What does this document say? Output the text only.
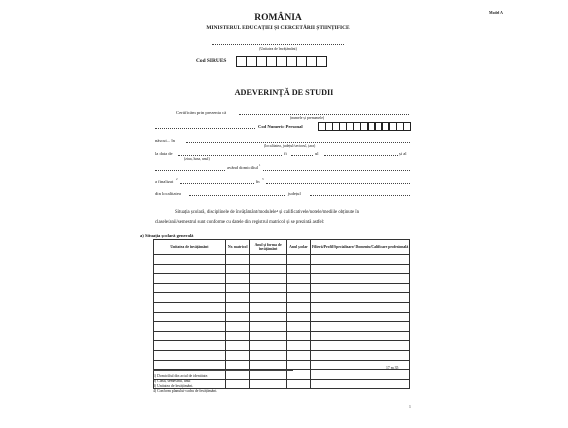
Model A
ROMÂNIA
MINISTERUL EDUCAȚIEI ȘI CERCETĂRII ȘTIINȚIFICE
(Unitatea de învățământ)
Cod SIRUES
ADEVERINȚĂ DE STUDII
Certificăm prin prezenta că
(numele și prenumele)
Cod Numeric Personal
născut... în
(localitatea, județul/sectorul, țara)
la data de	fi	ul	și al
(ziua, luna, anul)
având domiciliul 1
a finalizat 2	în 3
din localitatea	județul
Situația școlară, disciplinele de învățământ/modulele⁴ și calificativele/notele/mediile obținute în
clasele/anii/semestrul sunt conforme cu datele din registrul matricol și se prezintă astfel:
a) Situația școlară generală
Unitatea de învățământ	Nr. matricol	Anul și forma de învățământ	Anul școlar	Filieră/Profil/Specializare/ Domeniu/Calificare profesională

17 m 35
1) Domiciliul din actul de identitate.
2) Clasa, semestrul, anul
3) Unitatea de învățământ.
4) Conform planului-cadru de învățământ.
1
